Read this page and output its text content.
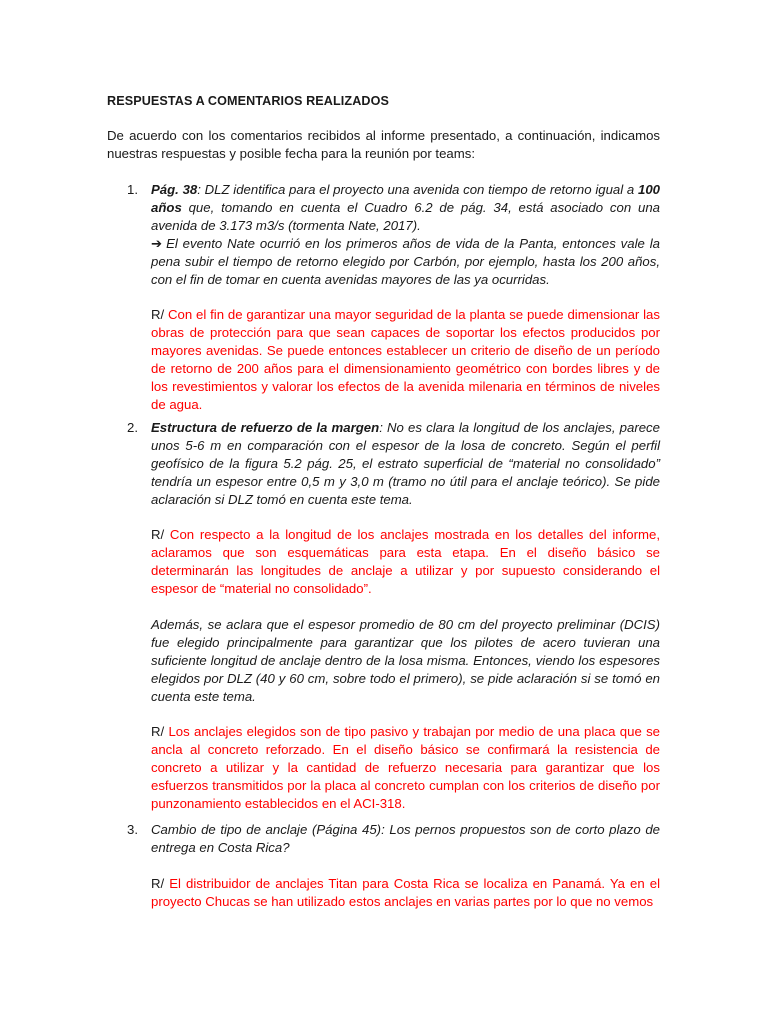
RESPUESTAS A COMENTARIOS REALIZADOS

De acuerdo con los comentarios recibidos al informe presentado, a continuación, indicamos nuestras respuestas y posible fecha para la reunión por teams:

1. Pág. 38: DLZ identifica para el proyecto una avenida con tiempo de retorno igual a 100 años que, tomando en cuenta el Cuadro 6.2 de pág. 34, está asociado con una avenida de 3.173 m3/s (tormenta Nate, 2017).

➔ El evento Nate ocurrió en los primeros años de vida de la Panta, entonces vale la pena subir el tiempo de retorno elegido por Carbón, por ejemplo, hasta los 200 años, con el fin de tomar en cuenta avenidas mayores de las ya ocurridas.

R/ Con el fin de garantizar una mayor seguridad de la planta se puede dimensionar las obras de protección para que sean capaces de soportar los efectos producidos por mayores avenidas. Se puede entonces establecer un criterio de diseño de un período de retorno de 200 años para el dimensionamiento geométrico con bordes libres y de los revestimientos y valorar los efectos de la avenida milenaria en términos de niveles de agua.

2. Estructura de refuerzo de la margen: No es clara la longitud de los anclajes, parece unos 5-6 m en comparación con el espesor de la losa de concreto. Según el perfil geofísico de la figura 5.2 pág. 25, el estrato superficial de “material no consolidado” tendría un espesor entre 0,5 m y 3,0 m (tramo no útil para el anclaje teórico). Se pide aclaración si DLZ tomó en cuenta este tema.

R/ Con respecto a la longitud de los anclajes mostrada en los detalles del informe, aclaramos que son esquemáticas para esta etapa. En el diseño básico se determinarán las longitudes de anclaje a utilizar y por supuesto considerando el espesor de “material no consolidado”.

Además, se aclara que el espesor promedio de 80 cm del proyecto preliminar (DCIS) fue elegido principalmente para garantizar que los pilotes de acero tuvieran una suficiente longitud de anclaje dentro de la losa misma. Entonces, viendo los espesores elegidos por DLZ (40 y 60 cm, sobre todo el primero), se pide aclaración si se tomó en cuenta este tema.

R/ Los anclajes elegidos son de tipo pasivo y trabajan por medio de una placa que se ancla al concreto reforzado. En el diseño básico se confirmará la resistencia de concreto a utilizar y la cantidad de refuerzo necesaria para garantizar que los esfuerzos transmitidos por la placa al concreto cumplan con los criterios de diseño por punzonamiento establecidos en el ACI-318.

3. Cambio de tipo de anclaje (Página 45): Los pernos propuestos son de corto plazo de entrega en Costa Rica?

R/ El distribuidor de anclajes Titan para Costa Rica se localiza en Panamá. Ya en el proyecto Chucas se han utilizado estos anclajes en varias partes por lo que no vemos
